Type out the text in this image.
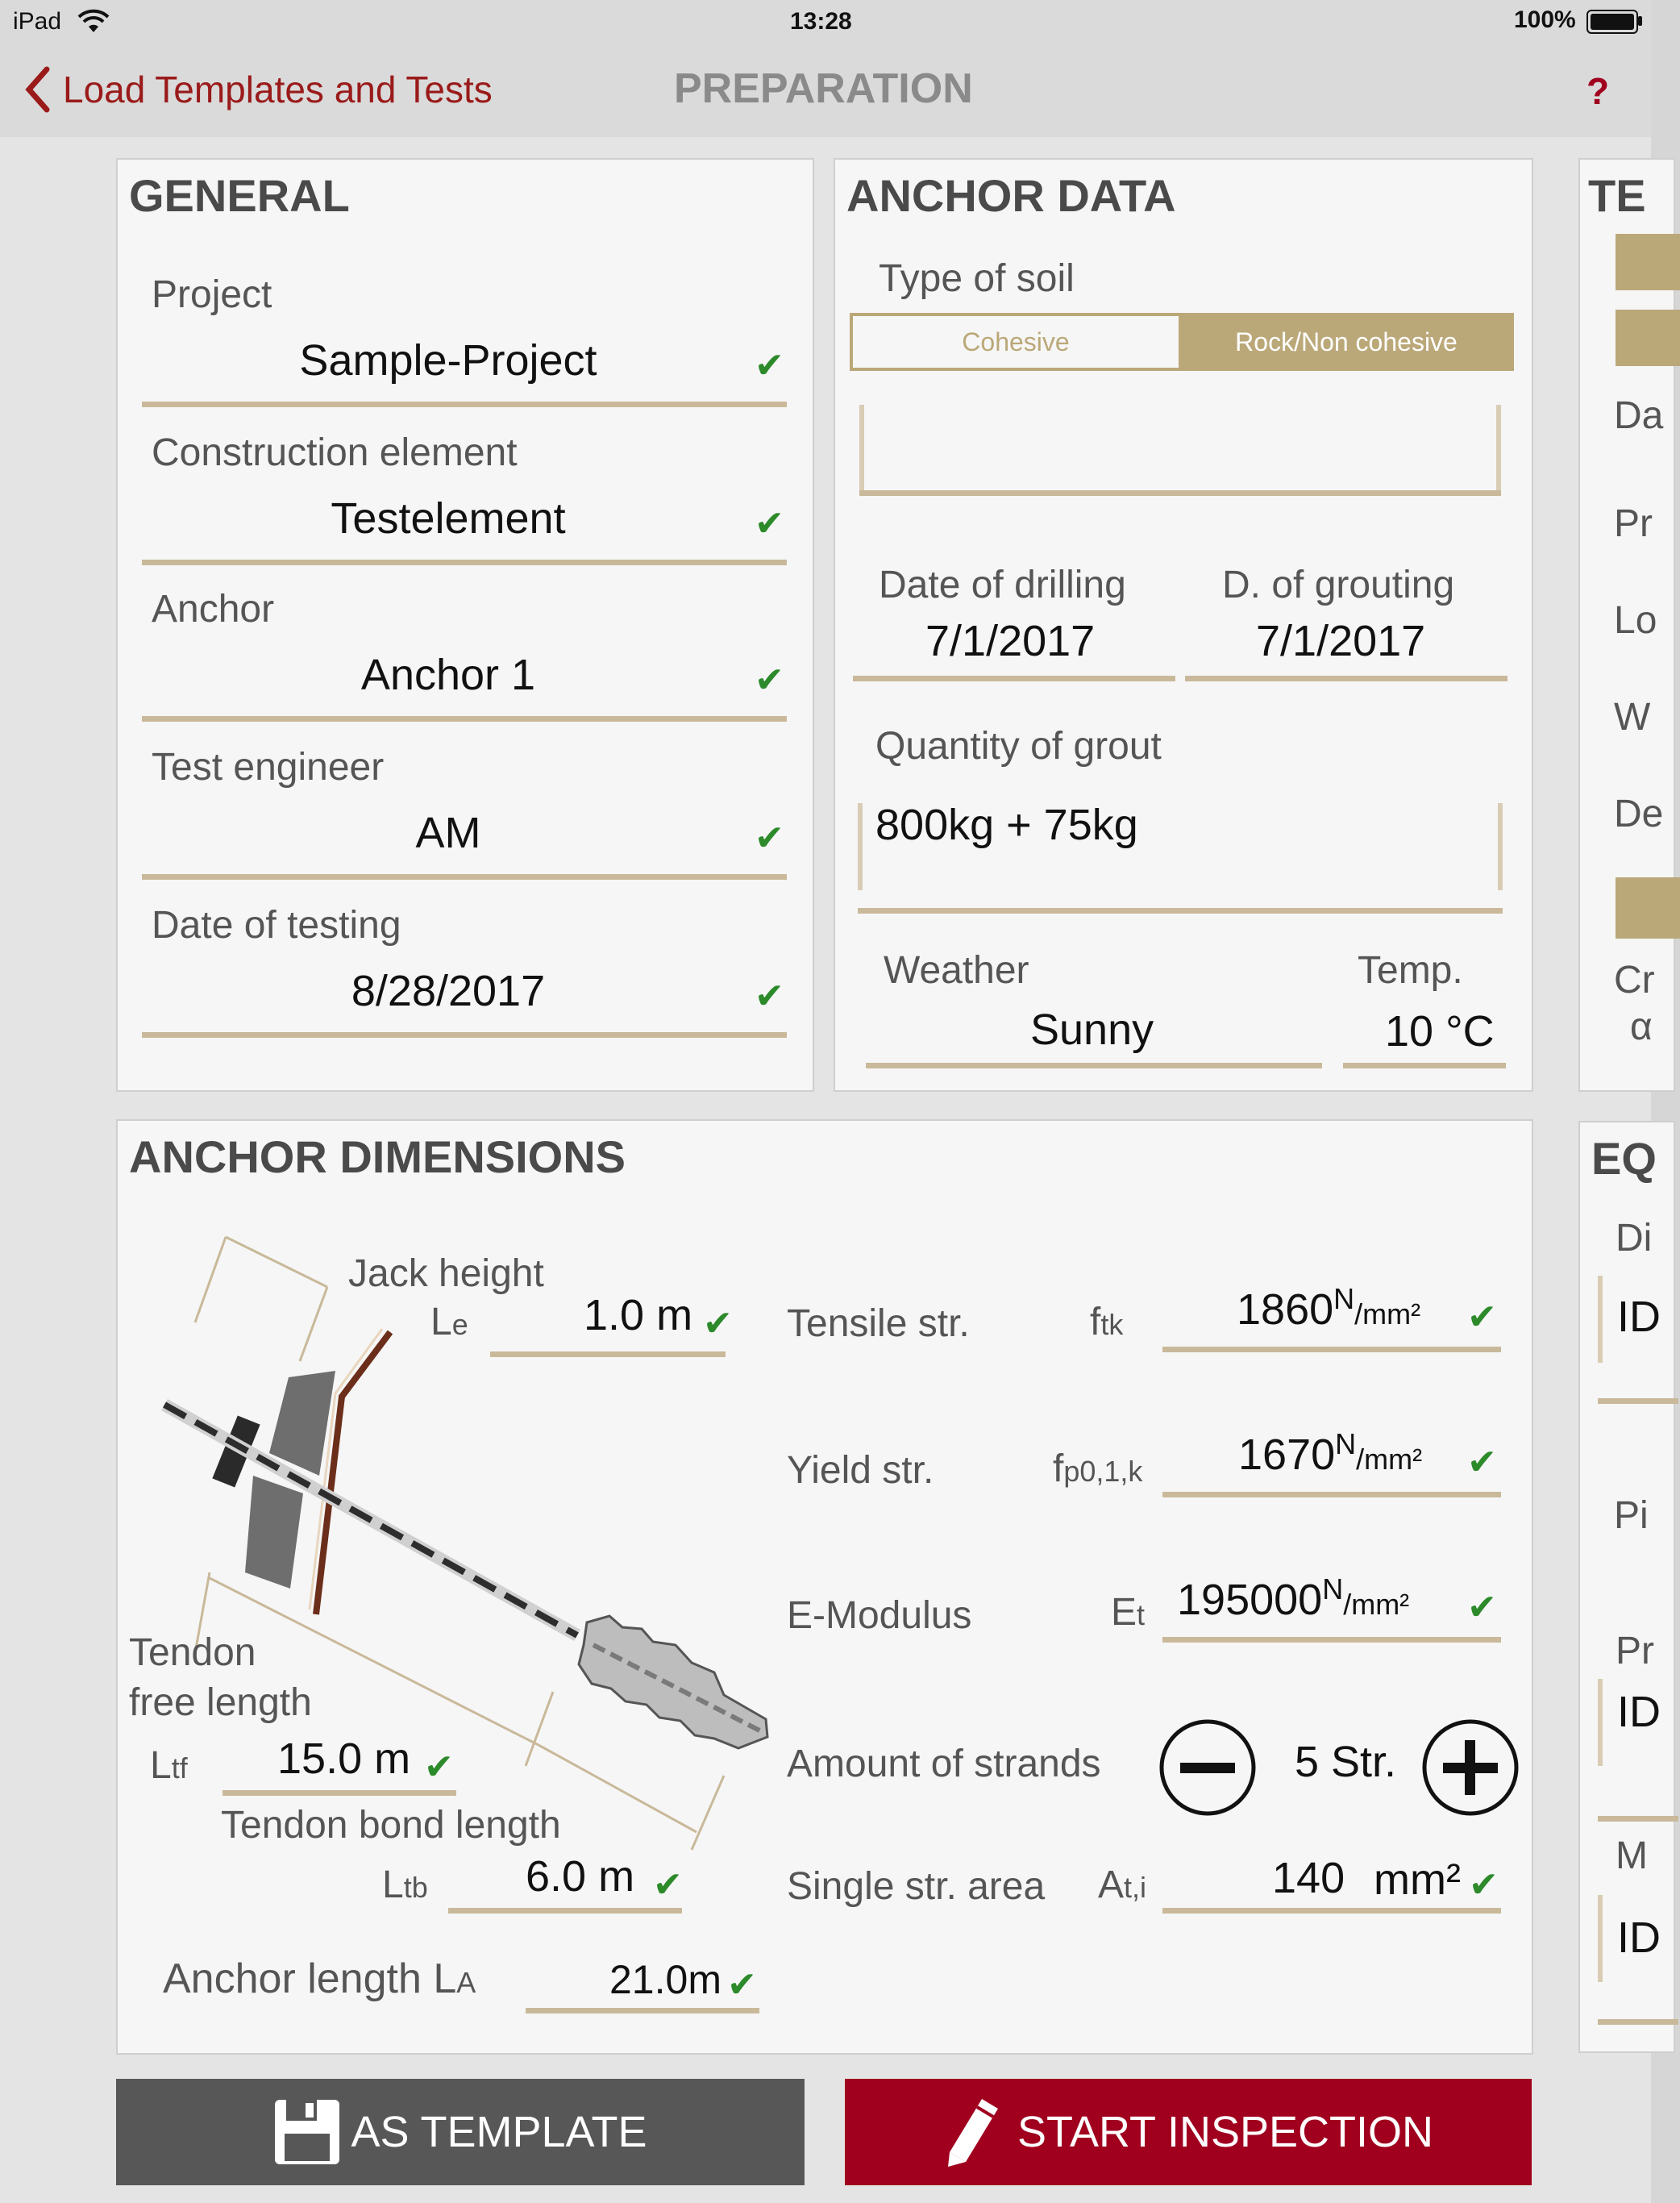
iPad	13:28	100%
Load Templates and Tests	PREPARATION	?
GENERAL
Project
Sample-Project	✔
Construction element
Testelement	✔
Anchor
Anchor 1	✔
Test engineer
AM	✔
Date of testing
8/28/2017	✔
ANCHOR DATA
Type of soil
Cohesive	Rock/Non cohesive
Date of drilling
7/1/2017
D. of grouting
7/1/2017
Quantity of grout
800kg + 75kg
Weather
Sunny
Temp.
10 °C
TE
Da
Pr
Lo
W
De
Cr
α
EQ
Di
ID
Pi
Pr
ID
M
ID
ANCHOR DIMENSIONS
Jack height
Le	1.0 m ✔
Tendon
free length
Ltf 15.0 m ✔
Tendon bond length
Ltb 6.0 m ✔
Anchor length LA	21.0m ✔
Tensile str.	ftk	$1860^N$/mm² ✔
Yield str.	fp0,1,k $1670^N$/mm² ✔
E-Modulus	Et $195000^N$/mm² ✔
Amount of strands	5 Str.
Single str. area At,i	140 mm² ✔
AS TEMPLATE	START INSPECTION
